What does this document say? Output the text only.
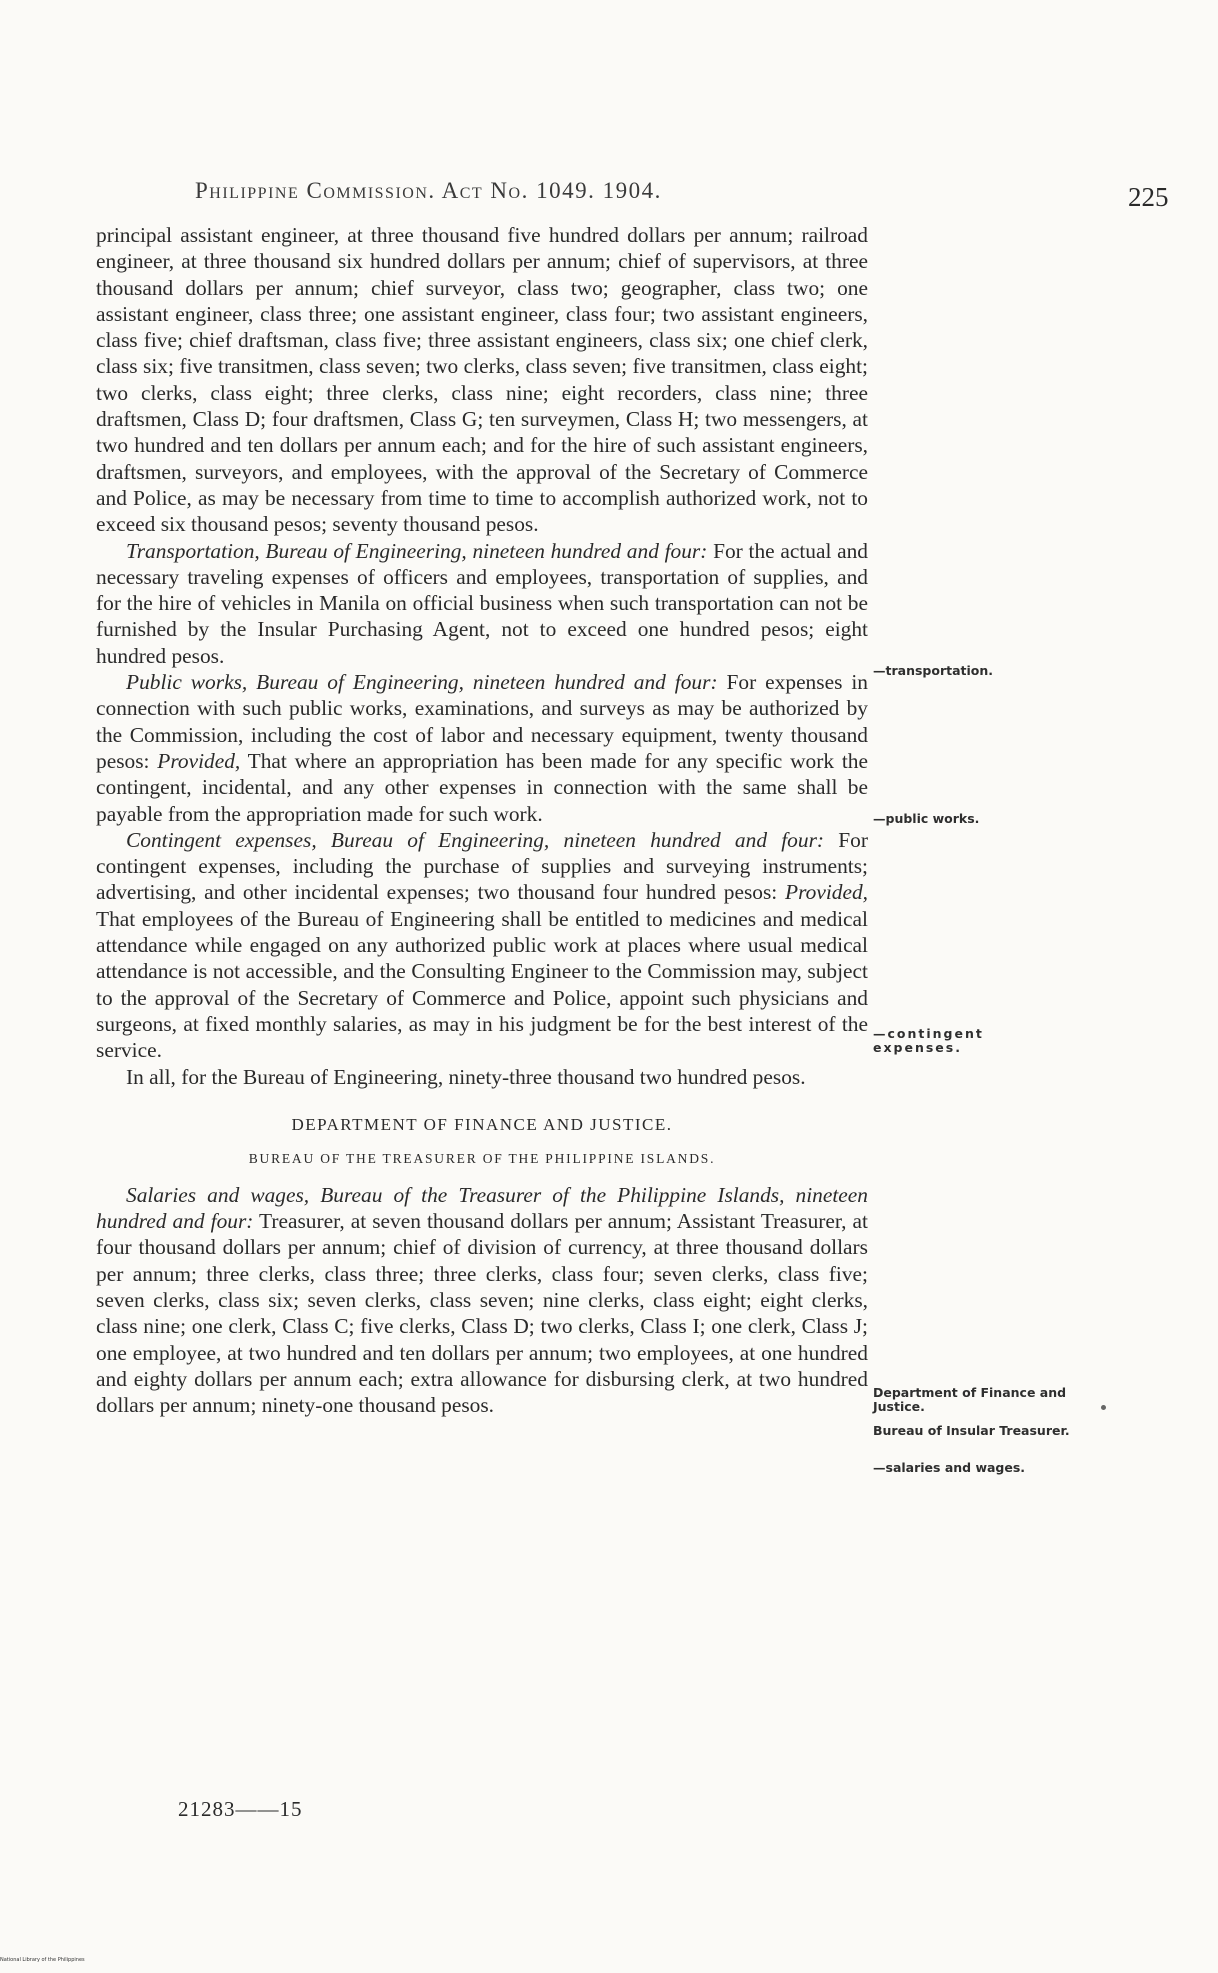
Philippine Commission. Act No. 1049. 1904.	225

principal assistant engineer, at three thousand five hundred dollars per annum; railroad engineer, at three thousand six hundred dollars per annum; chief of supervisors, at three thousand dollars per annum; chief surveyor, class two; geographer, class two; one assistant engineer, class three; one assistant engineer, class four; two assistant engineers, class five; chief draftsman, class five; three assistant engineers, class six; one chief clerk, class six; five transitmen, class seven; two clerks, class seven; five transitmen, class eight; two clerks, class eight; three clerks, class nine; eight recorders, class nine; three draftsmen, Class D; four draftsmen, Class G; ten surveymen, Class H; two messengers, at two hundred and ten dollars per annum each; and for the hire of such assistant engineers, draftsmen, surveyors, and employees, with the approval of the Secretary of Commerce and Police, as may be necessary from time to time to accomplish authorized work, not to exceed six thousand pesos; seventy thousand pesos.

Transportation, Bureau of Engineering, nineteen hundred and four: For the actual and necessary traveling expenses of officers and employees, transportation of supplies, and for the hire of vehicles in Manila on official business when such transportation can not be furnished by the Insular Purchasing Agent, not to exceed one hundred pesos; eight hundred pesos.

Public works, Bureau of Engineering, nineteen hundred and four: For expenses in connection with such public works, examinations, and surveys as may be authorized by the Commission, including the cost of labor and necessary equipment, twenty thousand pesos: Provided, That where an appropriation has been made for any specific work the contingent, incidental, and any other expenses in connection with the same shall be payable from the appropriation made for such work.

Contingent expenses, Bureau of Engineering, nineteen hundred and four: For contingent expenses, including the purchase of supplies and surveying instruments; advertising, and other incidental expenses; two thousand four hundred pesos: Provided, That employees of the Bureau of Engineering shall be entitled to medicines and medical attendance while engaged on any authorized public work at places where usual medical attendance is not accessible, and the Consulting Engineer to the Commission may, subject to the approval of the Secretary of Commerce and Police, appoint such physicians and surgeons, at fixed monthly salaries, as may in his judgment be for the best interest of the service.

In all, for the Bureau of Engineering, ninety-three thousand two hundred pesos.

DEPARTMENT OF FINANCE AND JUSTICE.
BUREAU OF THE TREASURER OF THE PHILIPPINE ISLANDS.

Salaries and wages, Bureau of the Treasurer of the Philippine Islands, nineteen hundred and four: Treasurer, at seven thousand dollars per annum; Assistant Treasurer, at four thousand dollars per annum; chief of division of currency, at three thousand dollars per annum; three clerks, class three; three clerks, class four; seven clerks, class five; seven clerks, class six; seven clerks, class seven; nine clerks, class eight; eight clerks, class nine; one clerk, Class C; five clerks, Class D; two clerks, Class I; one clerk, Class J; one employee, at two hundred and ten dollars per annum; two employees, at one hundred and eighty dollars per annum each; extra allowance for disbursing clerk, at two hundred dollars per annum; ninety-one thousand pesos.

—transportation.
—public works.
—contingent expenses.
Department of Finance and Justice.
Bureau of Insular Treasurer.
—salaries and wages.
21283——15
National Library of the Philippines
